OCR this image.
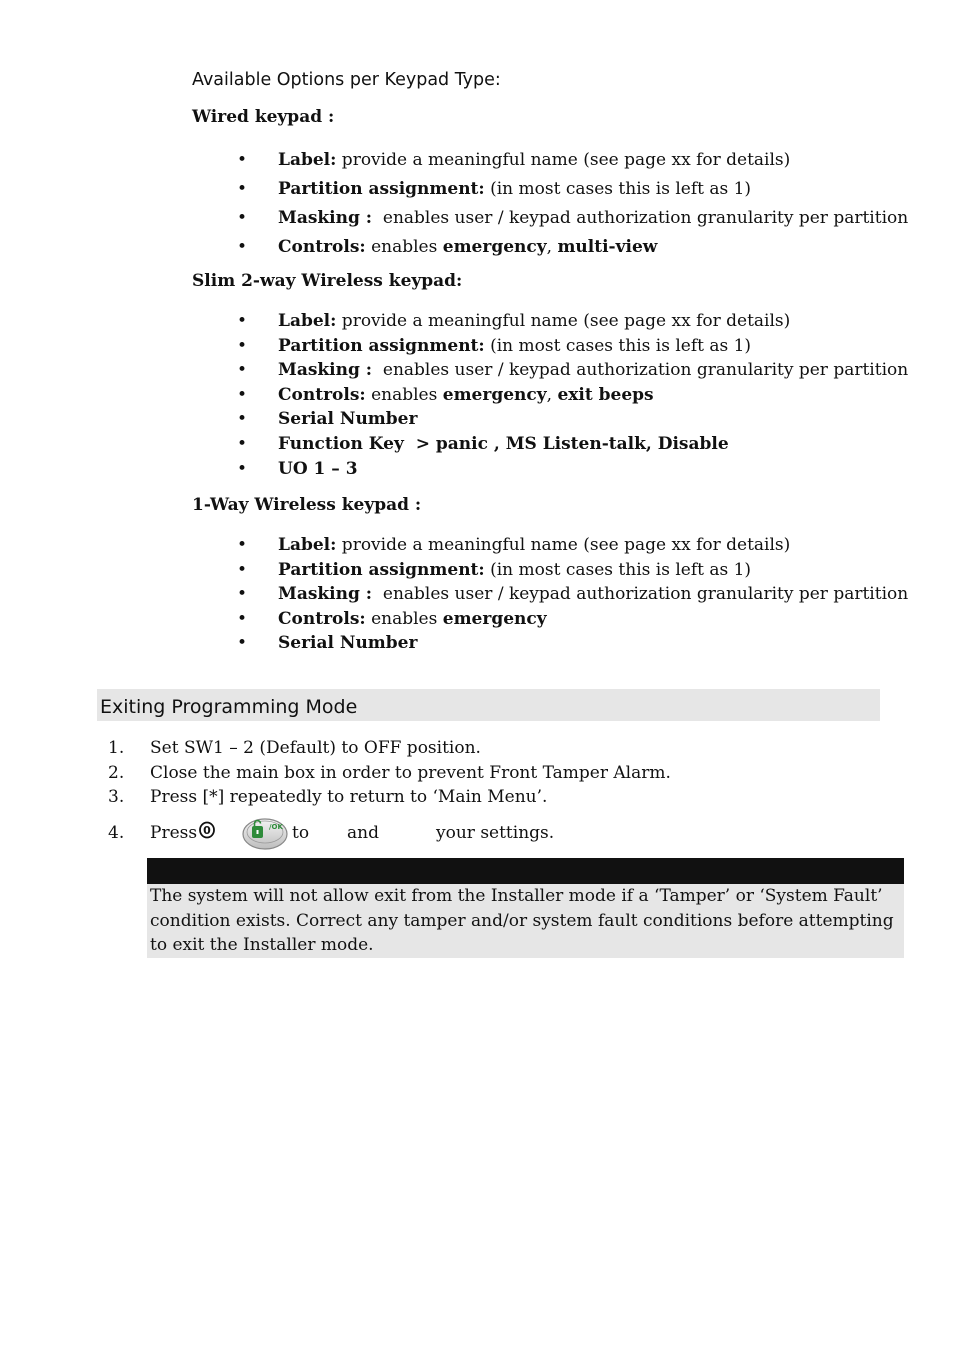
Available Options per Keypad Type:
Wired keypad :
• Label: provide a meaningful name (see page xx for details)
• Partition assignment: (in most cases this is left as 1)
• Masking :  enables user / keypad authorization granularity per partition
• Controls: enables emergency, multi-view
Slim 2-way Wireless keypad:
• Label: provide a meaningful name (see page xx for details)
• Partition assignment: (in most cases this is left as 1)
• Masking :  enables user / keypad authorization granularity per partition
• Controls: enables emergency, exit beeps
• Serial Number
• Function Key  > panic , MS Listen-talk, Disable
• UO 1 – 3
1-Way Wireless keypad :
• Label: provide a meaningful name (see page xx for details)
• Partition assignment: (in most cases this is left as 1)
• Masking :  enables user / keypad authorization granularity per partition
• Controls: enables emergency
• Serial Number
Exiting Programming Mode
1. Set SW1 – 2 (Default) to OFF position.
2. Close the main box in order to prevent Front Tamper Alarm.
3. Press [*] repeatedly to return to ‘Main Menu’.
4. Press 0	/OK to and	your settings.
The system will not allow exit from the Installer mode if a ‘Tamper’ or ‘System Fault’ condition exists. Correct any tamper and/or system fault conditions before attempting to exit the Installer mode.
